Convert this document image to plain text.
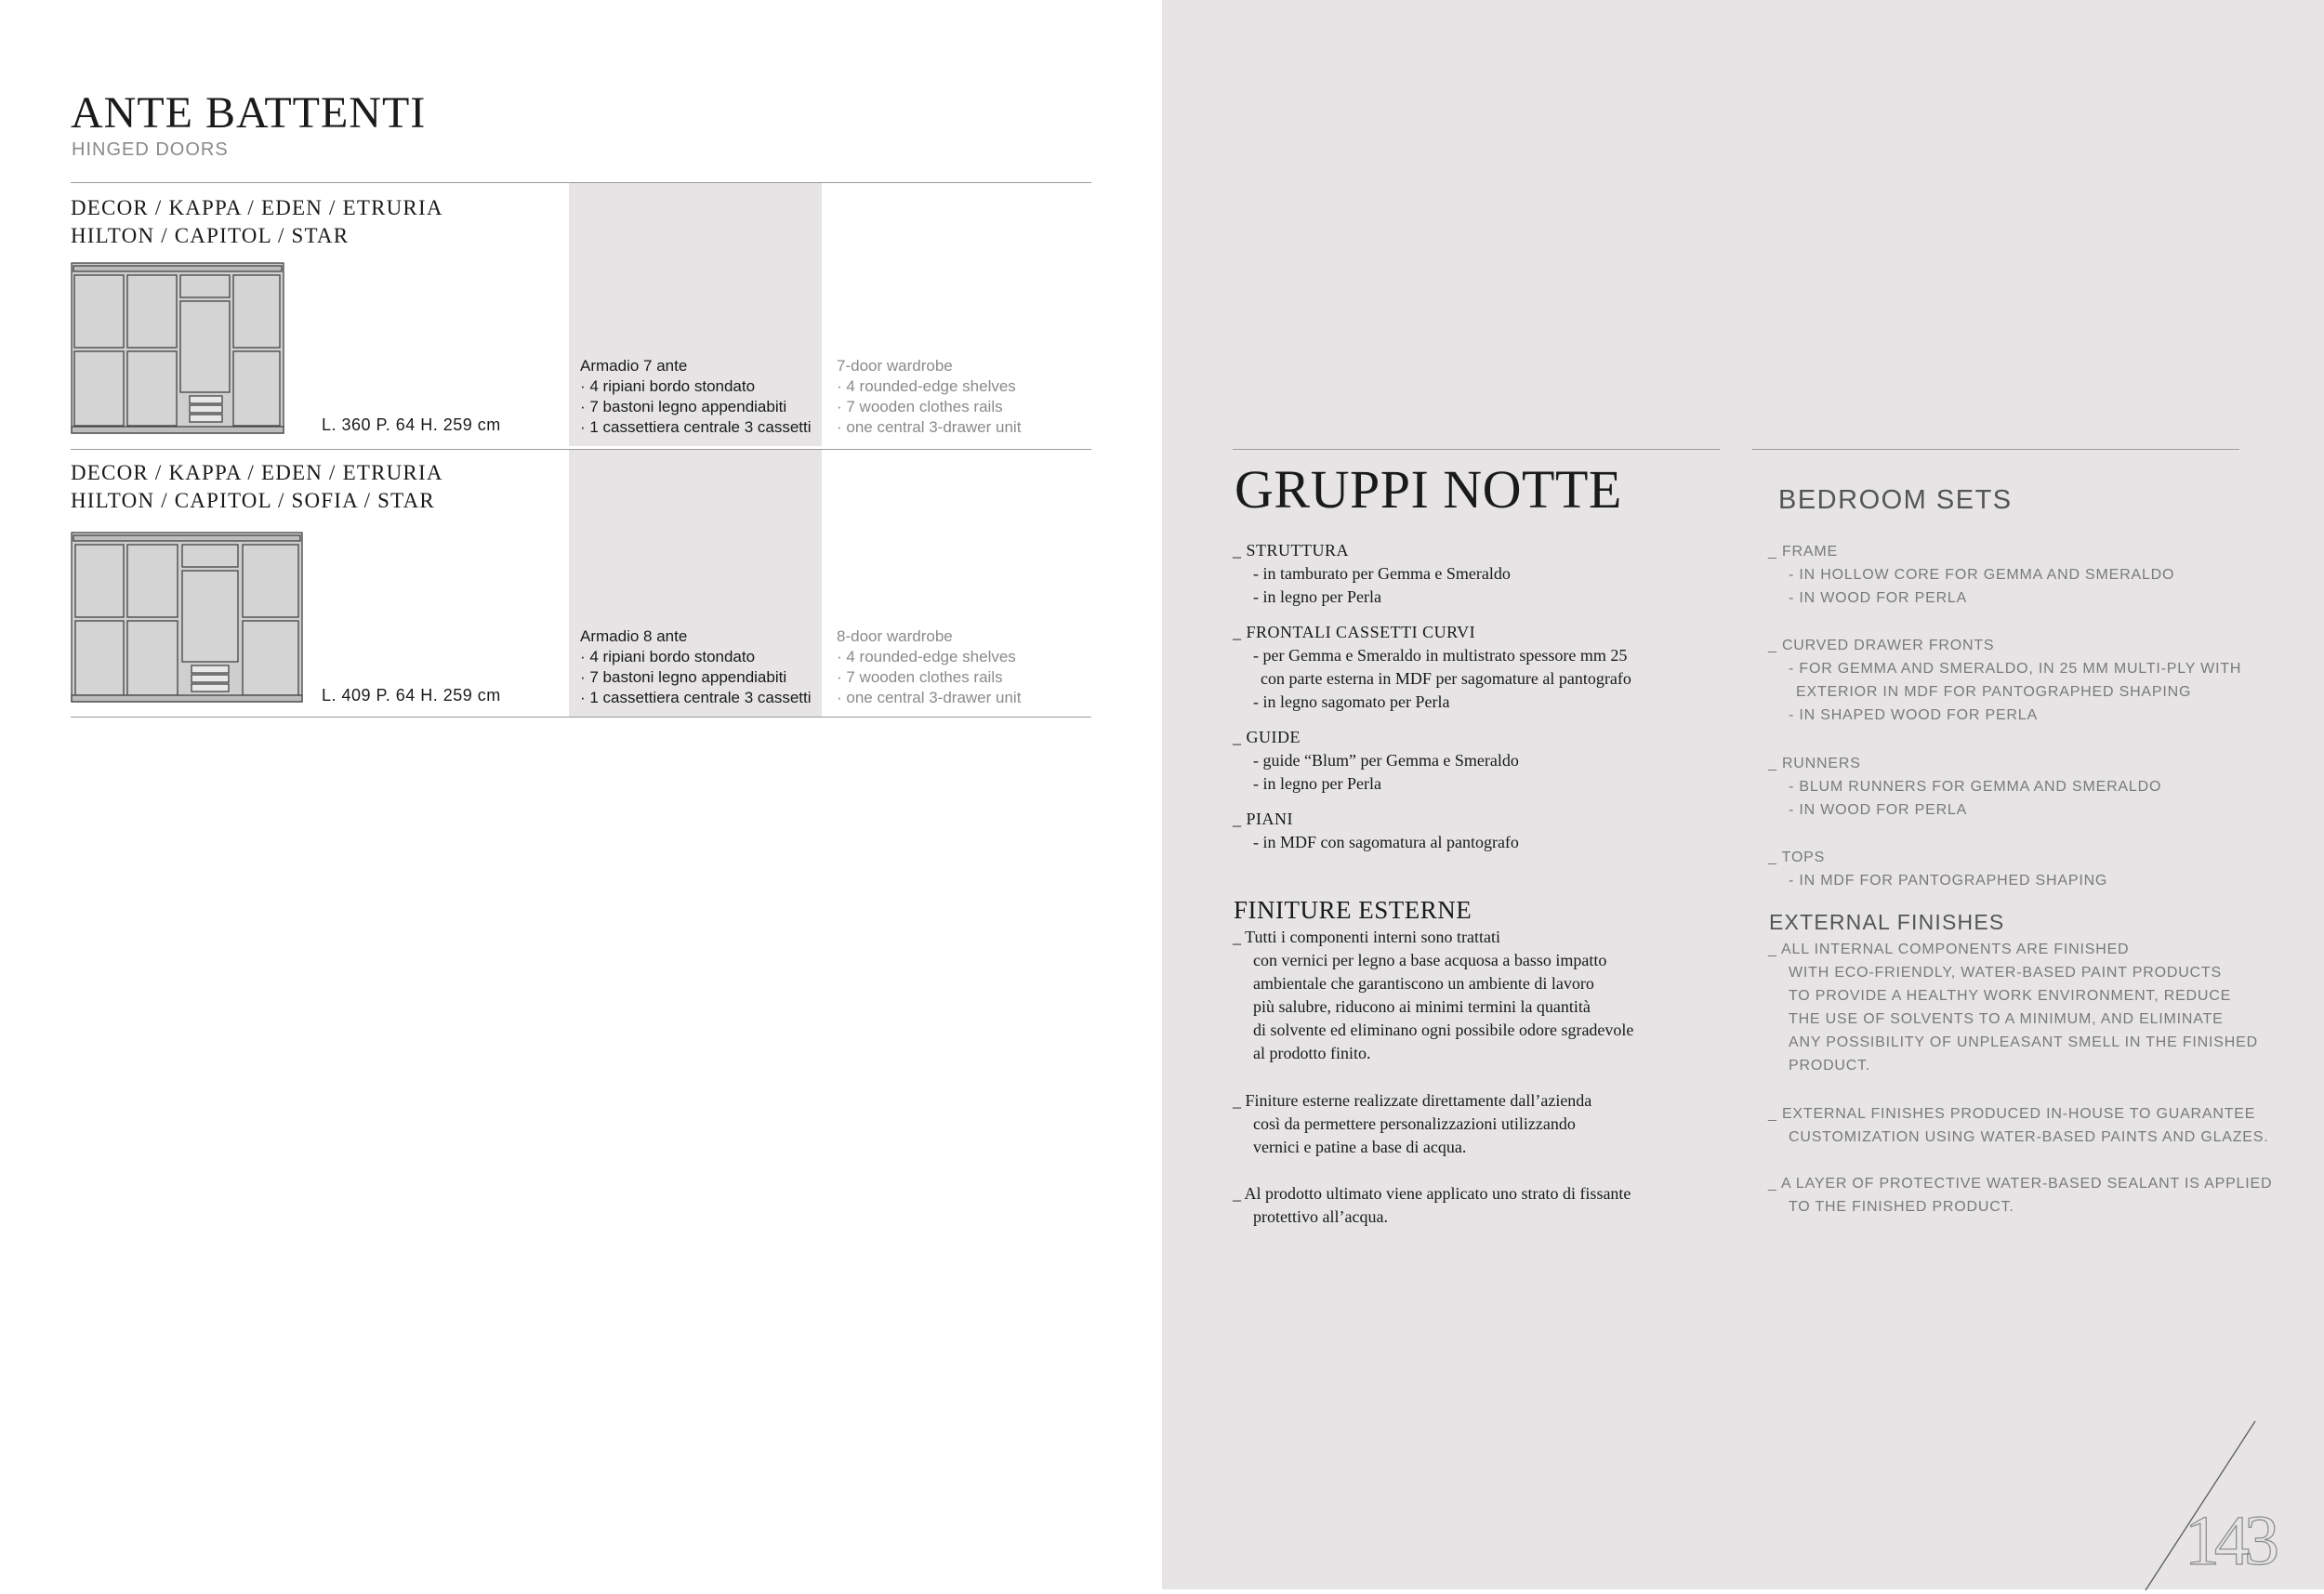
ANTE BATTENTI
HINGED DOORS
DECOR / KAPPA / EDEN / ETRURIA
HILTON / CAPITOL / STAR
L. 360 P. 64 H. 259 cm
Armadio 7 ante
· 4 ripiani bordo stondato
· 7 bastoni legno appendiabiti
· 1 cassettiera centrale 3 cassetti
7-door wardrobe
· 4 rounded-edge shelves
· 7 wooden clothes rails
· one central 3-drawer unit
DECOR / KAPPA / EDEN / ETRURIA
HILTON / CAPITOL / SOFIA / STAR
L. 409 P. 64 H. 259 cm
Armadio 8 ante
· 4 ripiani bordo stondato
· 7 bastoni legno appendiabiti
· 1 cassettiera centrale 3 cassetti
8-door wardrobe
· 4 rounded-edge shelves
· 7 wooden clothes rails
· one central 3-drawer unit
GRUPPI NOTTE	BEDROOM SETS
_ STRUTTURA
- in tamburato per Gemma e Smeraldo
- in legno per Perla
_ FRONTALI CASSETTI CURVI
- per Gemma e Smeraldo in multistrato spessore mm 25
con parte esterna in MDF per sagomature al pantografo
- in legno sagomato per Perla
_ GUIDE
- guide “Blum” per Gemma e Smeraldo
- in legno per Perla
_ PIANI
- in MDF con sagomatura al pantografo
_ FRAME
- IN HOLLOW CORE FOR GEMMA AND SMERALDO
- IN WOOD FOR PERLA
_ CURVED DRAWER FRONTS
- FOR GEMMA AND SMERALDO, IN 25 MM MULTI-PLY WITH
EXTERIOR IN MDF FOR PANTOGRAPHED SHAPING
- IN SHAPED WOOD FOR PERLA
_ RUNNERS
- BLUM RUNNERS FOR GEMMA AND SMERALDO
- IN WOOD FOR PERLA
_ TOPS
- IN MDF FOR PANTOGRAPHED SHAPING
FINITURE ESTERNE	EXTERNAL FINISHES
_ Tutti i componenti interni sono trattati
con vernici per legno a base acquosa a basso impatto
ambientale che garantiscono un ambiente di lavoro
più salubre, riducono ai minimi termini la quantità
di solvente ed eliminano ogni possibile odore sgradevole
al prodotto finito.
_ Finiture esterne realizzate direttamente dall’azienda
così da permettere personalizzazioni utilizzando
vernici e patine a base di acqua.
_ Al prodotto ultimato viene applicato uno strato di fissante
protettivo all’acqua.
_ ALL INTERNAL COMPONENTS ARE FINISHED
WITH ECO-FRIENDLY, WATER-BASED PAINT PRODUCTS
TO PROVIDE A HEALTHY WORK ENVIRONMENT, REDUCE
THE USE OF SOLVENTS TO A MINIMUM, AND ELIMINATE
ANY POSSIBILITY OF UNPLEASANT SMELL IN THE FINISHED
PRODUCT.
_ EXTERNAL FINISHES PRODUCED IN-HOUSE TO GUARANTEE
CUSTOMIZATION USING WATER-BASED PAINTS AND GLAZES.
_ A LAYER OF PROTECTIVE WATER-BASED SEALANT IS APPLIED
TO THE FINISHED PRODUCT.
143
